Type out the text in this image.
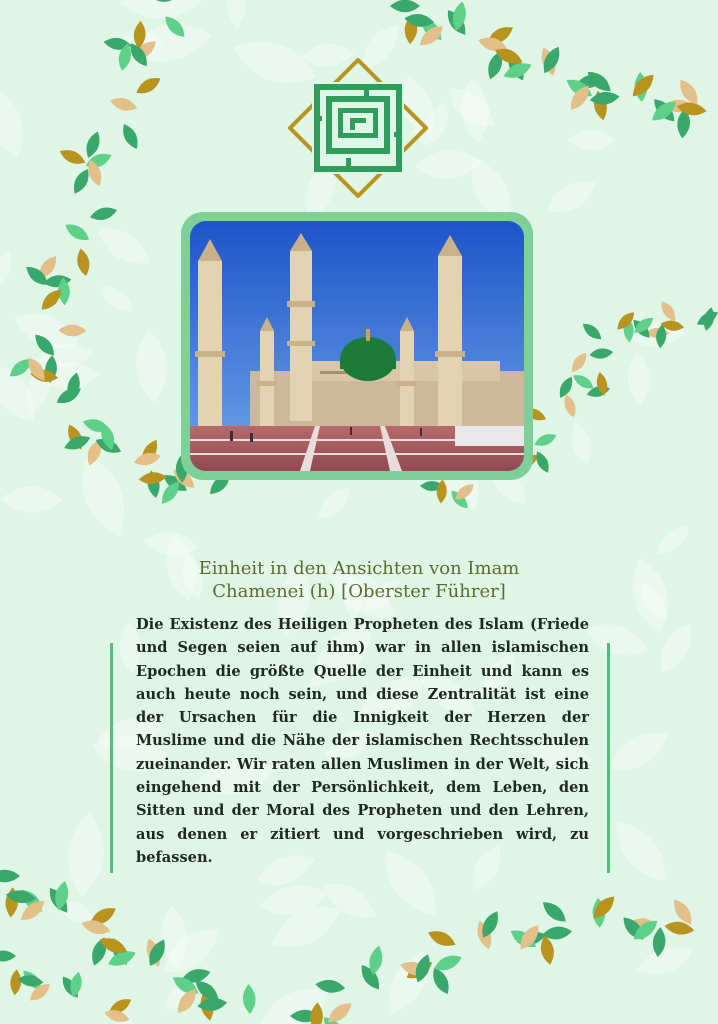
Einheit in den Ansichten von Imam
Chamenei (h) [Oberster Führer]
Die Existenz des Heiligen Propheten des Islam (Friede und Segen seien auf ihm) war in allen islamischen Epochen die größte Quelle der Einheit und kann es auch heute noch sein, und diese Zentralität ist eine der Ursachen für die Innigkeit der Herzen der Muslime und die Nähe der islamischen Rechtsschulen zueinander. Wir raten allen Muslimen in der Welt, sich eingehend mit der Persönlichkeit, dem Leben, den Sitten und der Moral des Propheten und den Lehren, aus denen er zitiert und vorgeschrieben wird, zu befassen.
